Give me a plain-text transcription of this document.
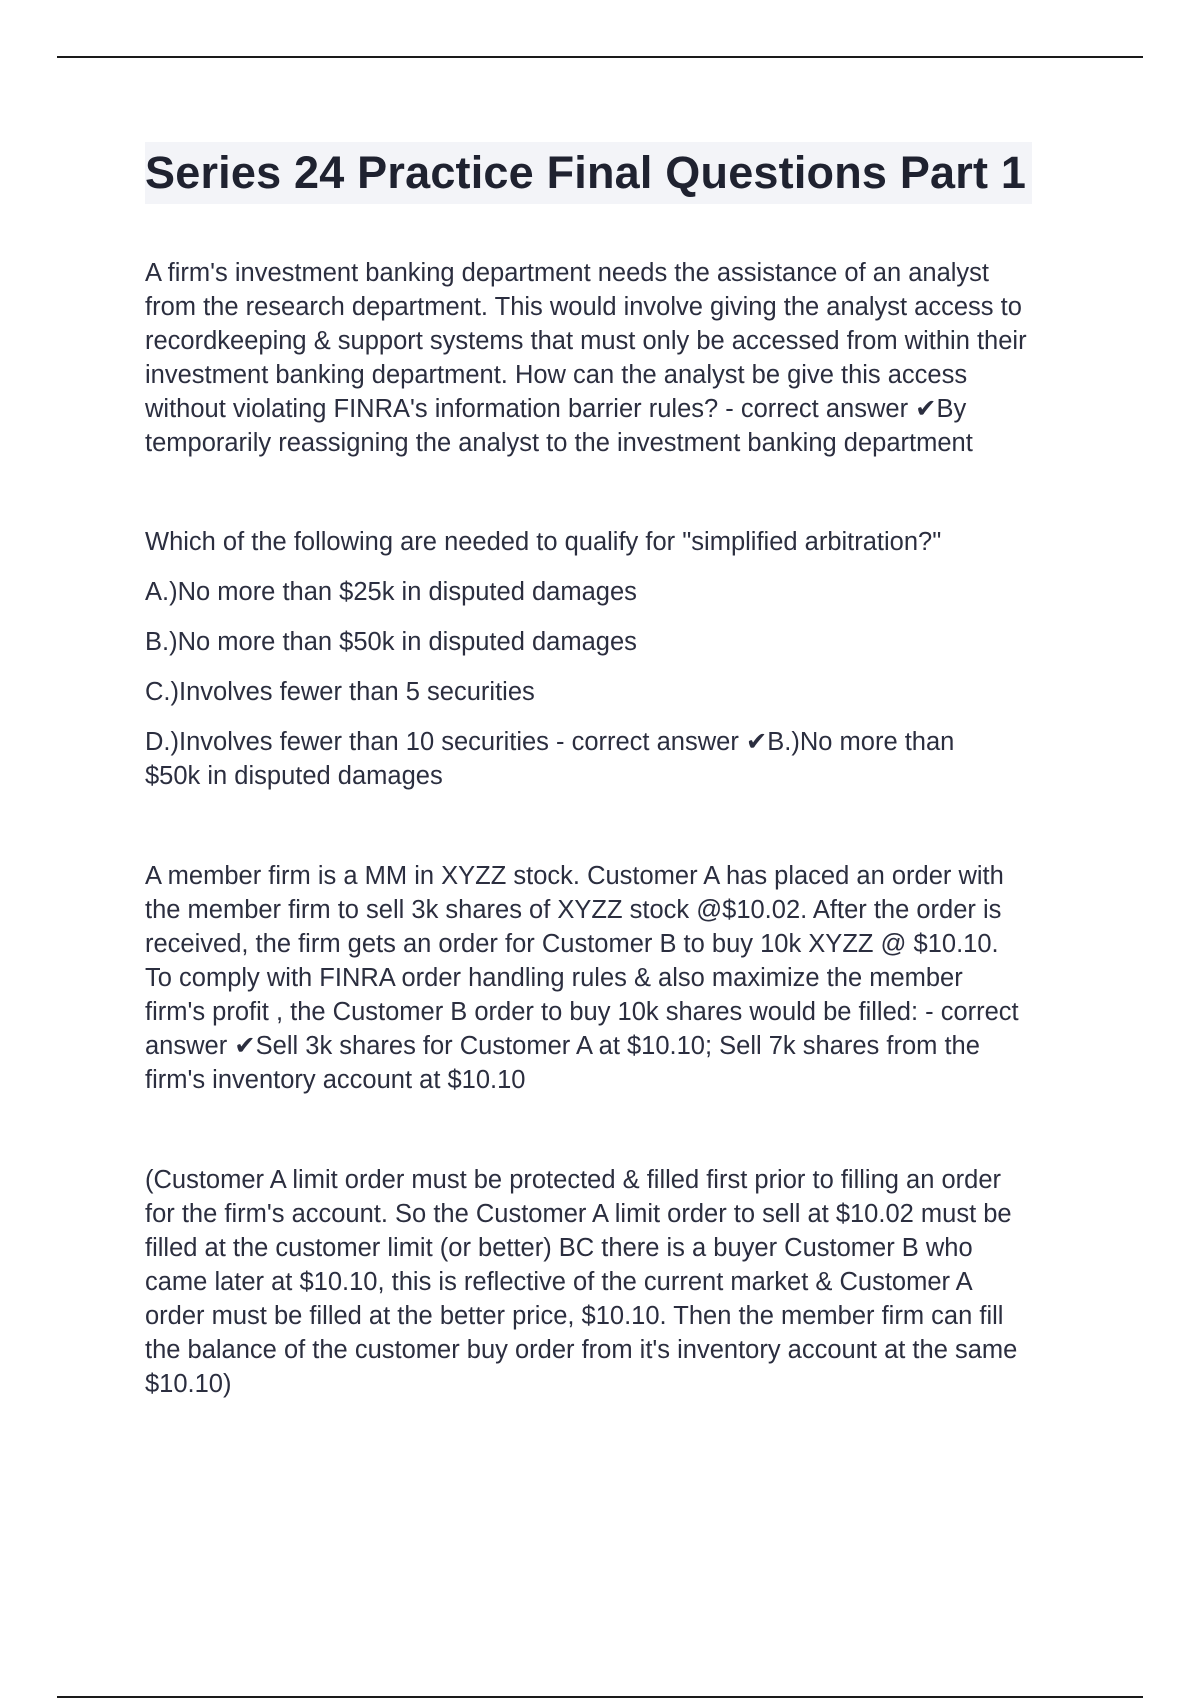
Series 24 Practice Final Questions Part 1

A firm's investment banking department needs the assistance of an analyst
from the research department. This would involve giving the analyst access to
recordkeeping & support systems that must only be accessed from within their
investment banking department. How can the analyst be give this access
without violating FINRA's information barrier rules? - correct answer ✔By
temporarily reassigning the analyst to the investment banking department

Which of the following are needed to qualify for "simplified arbitration?"

A.)No more than $25k in disputed damages

B.)No more than $50k in disputed damages

C.)Involves fewer than 5 securities

D.)Involves fewer than 10 securities - correct answer ✔B.)No more than
$50k in disputed damages

A member firm is a MM in XYZZ stock. Customer A has placed an order with
the member firm to sell 3k shares of XYZZ stock @$10.02. After the order is
received, the firm gets an order for Customer B to buy 10k XYZZ @ $10.10.
To comply with FINRA order handling rules & also maximize the member
firm's profit , the Customer B order to buy 10k shares would be filled: - correct
answer ✔Sell 3k shares for Customer A at $10.10; Sell 7k shares from the
firm's inventory account at $10.10

(Customer A limit order must be protected & filled first prior to filling an order
for the firm's account. So the Customer A limit order to sell at $10.02 must be
filled at the customer limit (or better) BC there is a buyer Customer B who
came later at $10.10, this is reflective of the current market & Customer A
order must be filled at the better price, $10.10. Then the member firm can fill
the balance of the customer buy order from it's inventory account at the same
$10.10)
